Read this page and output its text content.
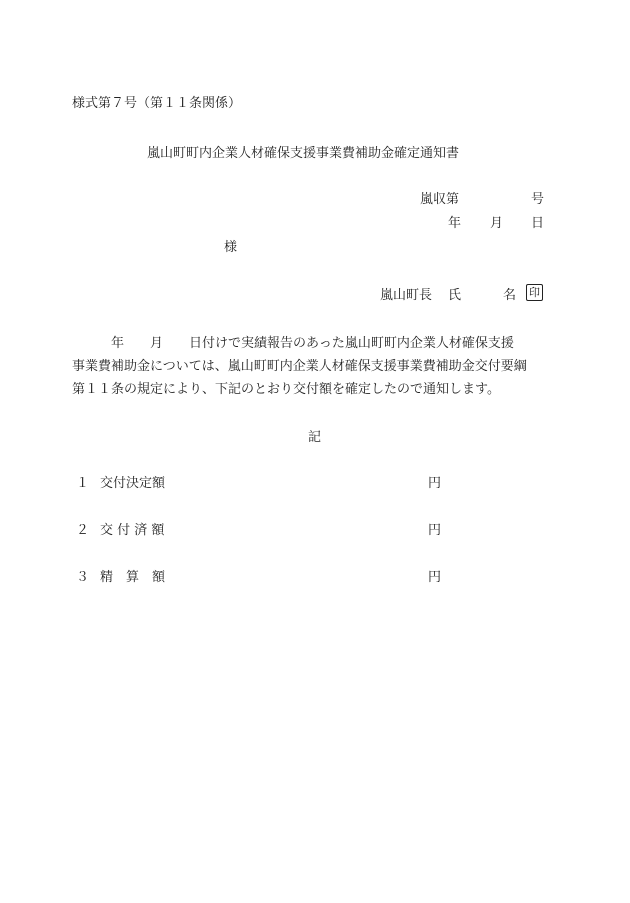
様式第７号（第１１条関係）
嵐山町町内企業人材確保支援事業費補助金確定通知書
嵐収第	号
年 月 日
様
嵐山町長 氏	名 印

　　　年　　月　　日付けで実績報告のあった嵐山町町内企業人材確保支援

事業費補助金については、嵐山町町内企業人材確保支援事業費補助金交付要綱

第１１条の規定により、下記のとおり交付額を確定したので通知します。

記
１ 交付決定額	円
２ 交 付 済 額	円
３ 精　算　額	円
